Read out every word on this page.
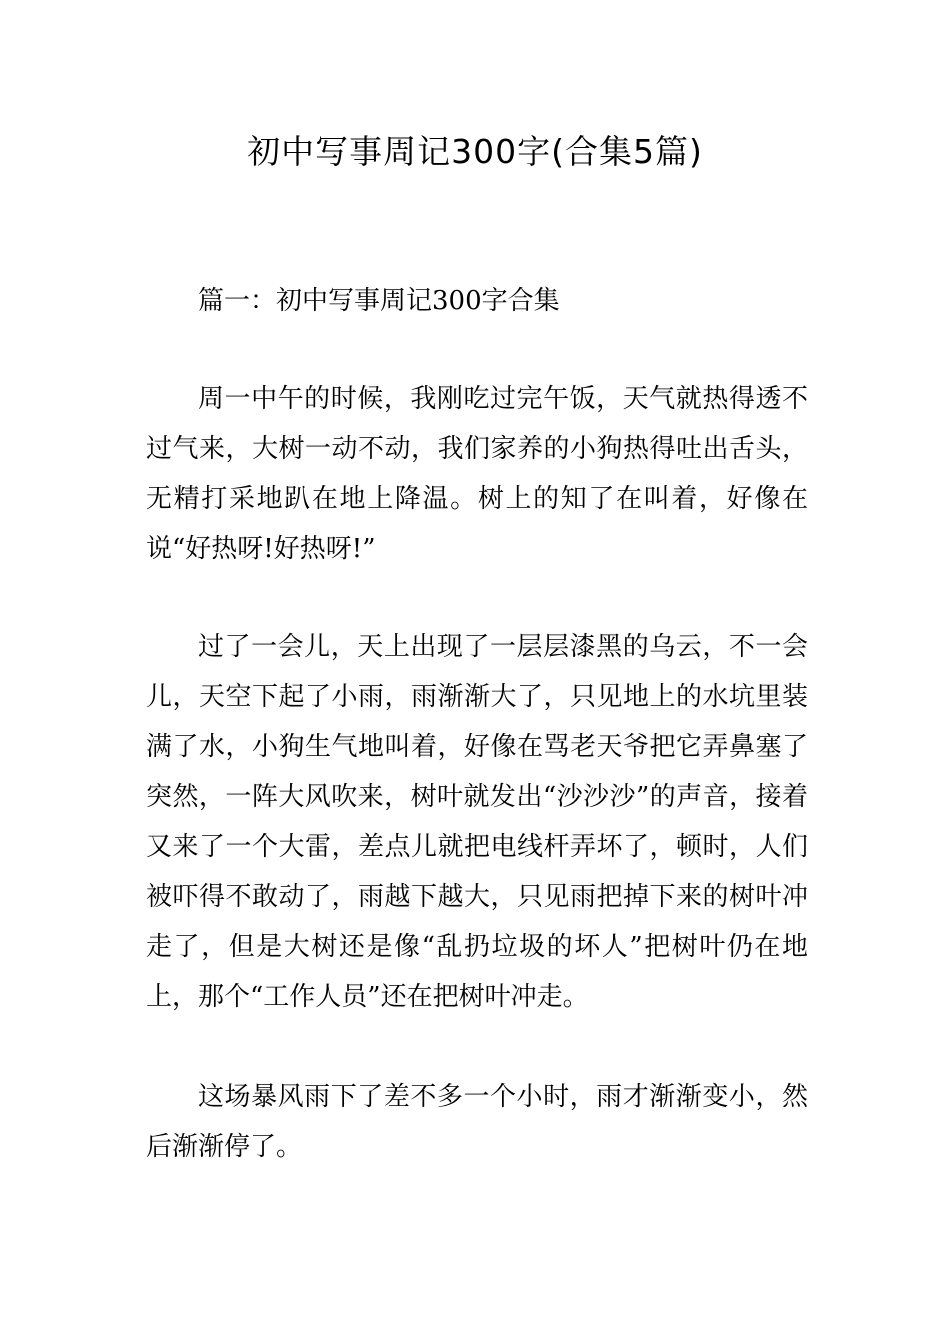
初中写事周记300字(合集5篇)

篇一：初中写事周记300字合集

周一中午的时候，我刚吃过完午饭，天气就热得透不过气来，大树一动不动，我们家养的小狗热得吐出舌头，无精打采地趴在地上降温。树上的知了在叫着，好像在说“好热呀!好热呀!”

过了一会儿，天上出现了一层层漆黑的乌云，不一会儿，天空下起了小雨，雨渐渐大了，只见地上的水坑里装满了水，小狗生气地叫着，好像在骂老天爷把它弄鼻塞了突然，一阵大风吹来，树叶就发出“沙沙沙”的声音，接着又来了一个大雷，差点儿就把电线杆弄坏了，顿时，人们被吓得不敢动了，雨越下越大，只见雨把掉下来的树叶冲走了，但是大树还是像“乱扔垃圾的坏人”把树叶仍在地上，那个“工作人员”还在把树叶冲走。

这场暴风雨下了差不多一个小时，雨才渐渐变小，然后渐渐停了。
